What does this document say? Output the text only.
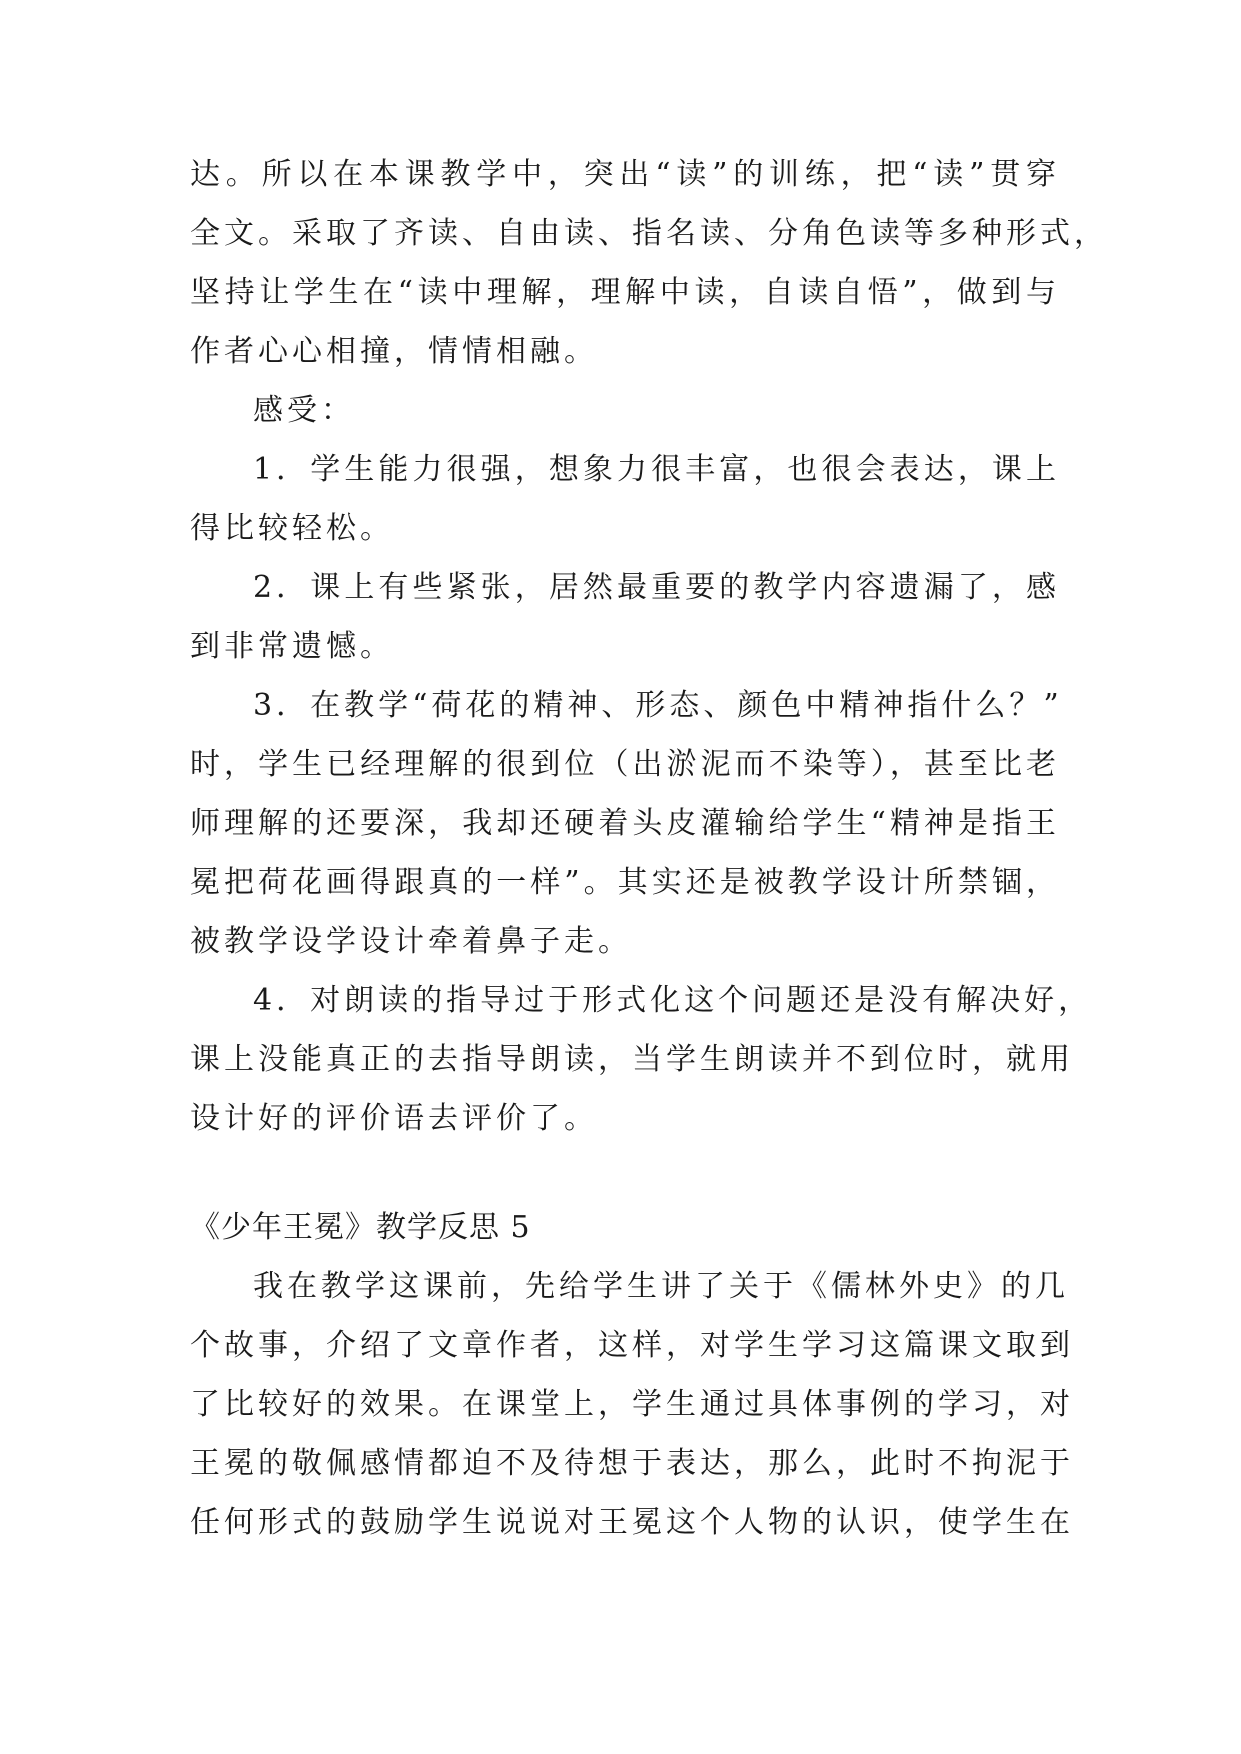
达。所以在本课教学中，突出“读”的训练，把“读”贯穿
全文。采取了齐读、自由读、指名读、分角色读等多种形式，
坚持让学生在“读中理解，理解中读，自读自悟”，做到与
作者心心相撞，情情相融。
感受：
1．学生能力很强，想象力很丰富，也很会表达，课上
得比较轻松。
2．课上有些紧张，居然最重要的教学内容遗漏了，感
到非常遗憾。
3．在教学“荷花的精神、形态、颜色中精神指什么？”
时，学生已经理解的很到位（出淤泥而不染等），甚至比老
师理解的还要深，我却还硬着头皮灌输给学生“精神是指王
冕把荷花画得跟真的一样”。其实还是被教学设计所禁锢，
被教学设学设计牵着鼻子走。
4．对朗读的指导过于形式化这个问题还是没有解决好，
课上没能真正的去指导朗读，当学生朗读并不到位时，就用
设计好的评价语去评价了。
《少年王冕》教学反思 5
我在教学这课前，先给学生讲了关于《儒林外史》的几
个故事，介绍了文章作者，这样，对学生学习这篇课文取到
了比较好的效果。在课堂上，学生通过具体事例的学习，对
王冕的敬佩感情都迫不及待想于表达，那么，此时不拘泥于
任何形式的鼓励学生说说对王冕这个人物的认识，使学生在
